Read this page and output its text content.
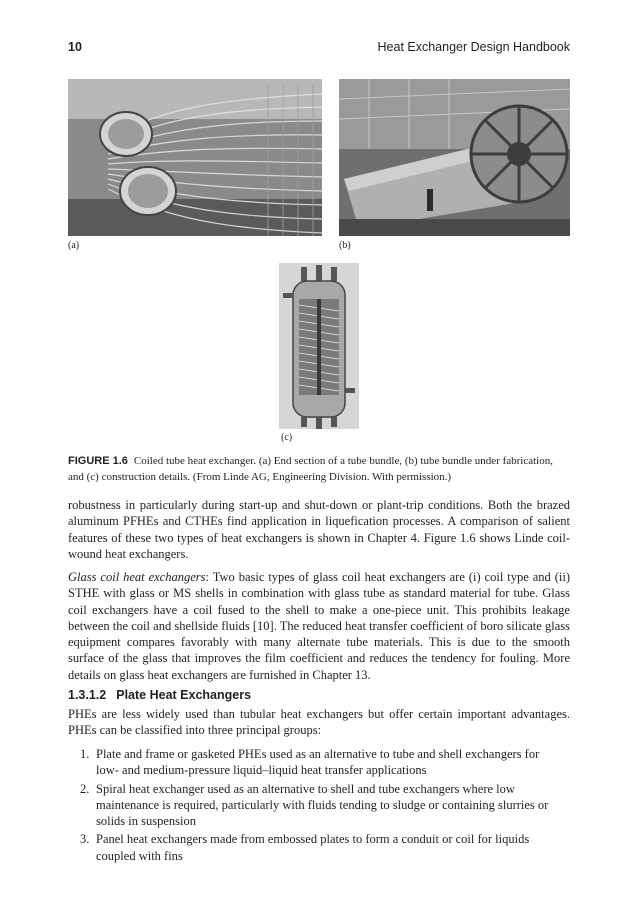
10	Heat Exchanger Design Handbook
(a)	(b)
(c)
FIGURE 1.6 Coiled tube heat exchanger. (a) End section of a tube bundle, (b) tube bundle under fabrication, and (c) construction details. (From Linde AG, Engineering Division. With permission.)

robustness in particularly during start-up and shut-down or plant-trip conditions. Both the brazed aluminum PFHEs and CTHEs find application in liquefication processes. A comparison of salient features of these two types of heat exchangers is shown in Chapter 4. Figure 1.6 shows Linde coil-wound heat exchangers.

Glass coil heat exchangers: Two basic types of glass coil heat exchangers are (i) coil type and (ii) STHE with glass or MS shells in combination with glass tube as standard material for tube. Glass coil exchangers have a coil fused to the shell to make a one-piece unit. This prohibits leakage between the coil and shellside fluids [10]. The reduced heat transfer coefficient of boro silicate glass equipment compares favorably with many alternate tube materials. This is due to the smooth surface of the glass that improves the film coefficient and reduces the tendency for fouling. More details on glass heat exchangers are furnished in Chapter 13.

1.3.1.2 Plate Heat Exchangers

PHEs are less widely used than tubular heat exchangers but offer certain important advantages. PHEs can be classified into three principal groups:

1. Plate and frame or gasketed PHEs used as an alternative to tube and shell exchangers for low- and medium-pressure liquid–liquid heat transfer applications
2. Spiral heat exchanger used as an alternative to shell and tube exchangers where low maintenance is required, particularly with fluids tending to sludge or containing slurries or solids in suspension
3. Panel heat exchangers made from embossed plates to form a conduit or coil for liquids coupled with fins
